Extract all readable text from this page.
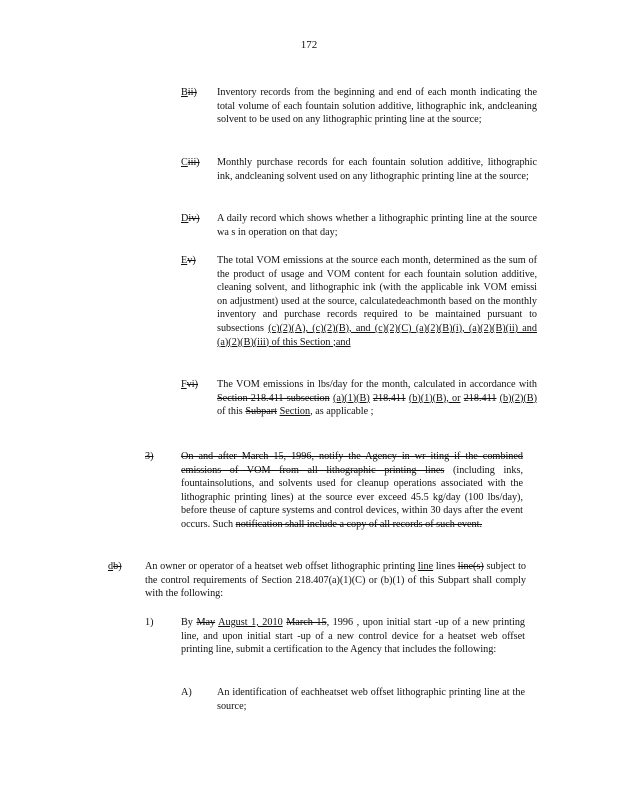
172
Bii) Inventory records from the beginning and end of each month indicating the total volume of each fountain solution additive, lithographic ink, andcleaning solvent to be used on any lithographic printing line at the source;
Ciii) Monthly purchase records for each fountain solution additive, lithographic ink, andcleaning solvent used on any lithographic printing line at the source;
Div) A daily record which shows whether a lithographic printing line at the source wa s in operation on that day;
Ev) The total VOM emissions at the source each month, determined as the sum of the product of usage and VOM content for each fountain solution additive, cleaning solvent, and lithographic ink (with the applicable ink VOM emissi on adjustment) used at the source, calculatedeachmonth based on the monthly inventory and purchase records required to be maintained pursuant to subsections (c)(2)(A), (c)(2)(B), and (c)(2)(C) (a)(2)(B)(i), (a)(2)(B)(ii) and (a)(2)(B)(iii) of this Section ;and
Fvi) The VOM emissions in lbs/day for the month, calculated in accordance with Section 218.411 subsection (a)(1)(B) 218.411 (b)(1)(B), or 218.411 (b)(2)(B) of this Subpart Section, as applicable ;
3)	On and after March 15, 1996, notify the Agency in wr iting if the combined emissions of VOM from all lithographic printing lines (including inks, fountainsolutions, and solvents used for cleanup operations associated with the lithographic printing lines) at the source ever exceed 45.5 kg/day (100 lbs/day), before theuse of capture systems and control devices, within 30 days after the event occurs. Such notification shall include a copy of all records of such event.
db) An owner or operator of a heatset web offset lithographic printing line lines line(s) subject to the control requirements of Section 218.407(a)(1)(C) or (b)(1) of this Subpart shall comply with the following:
1)	By May August 1, 2010 March 15, 1996 , upon initial start -up of a new printing line, and upon initial start -up of a new control device for a heatset web offset printing line, submit a certification to the Agency that includes the following:
A) An identification of eachheatset web offset lithographic printing line at the source;
